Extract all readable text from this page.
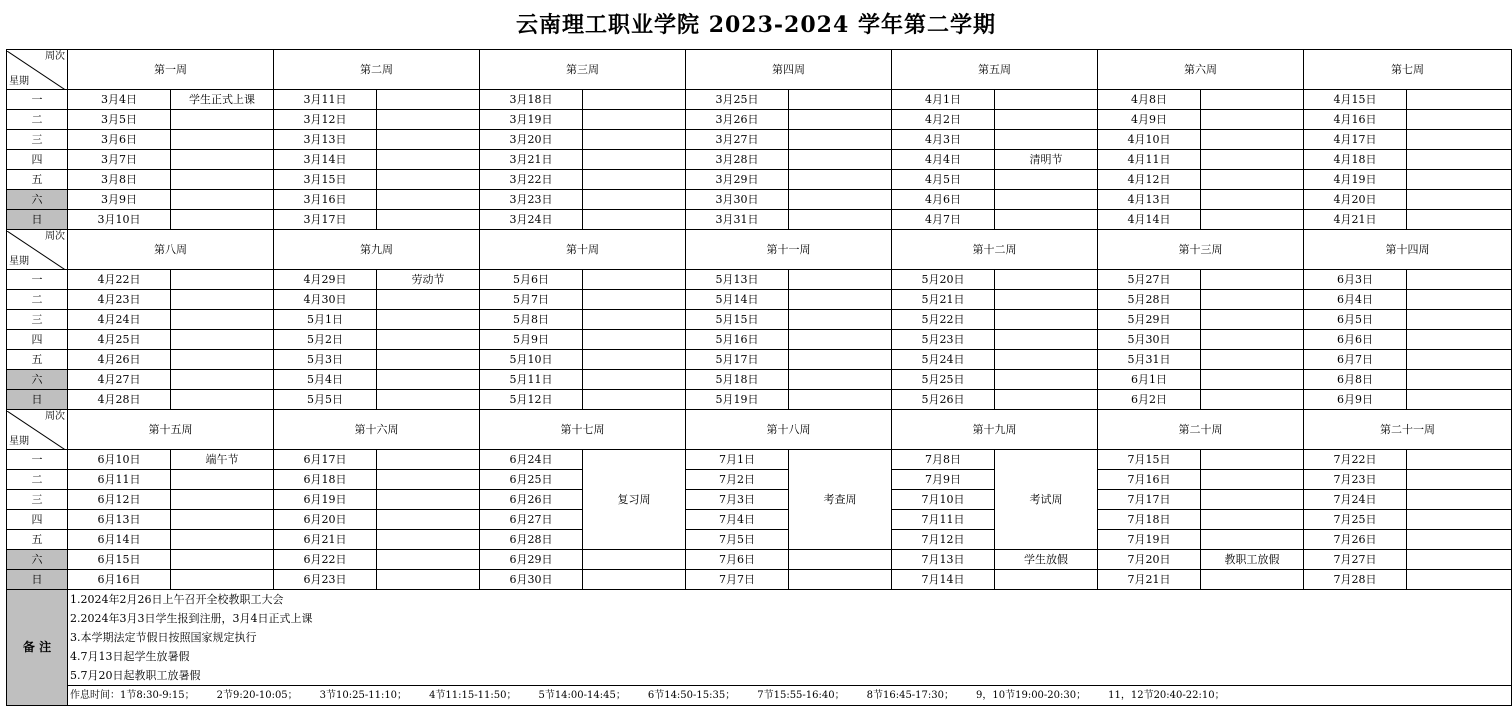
云南理工职业学院 2023-2024 学年第二学期
周次
星期	第一周		第二周		第三周		第四周		第五周		第六周		第七周	
一	3月4日	学生正式上课	3月11日		3月18日		3月25日		4月1日		4月8日		4月15日	
二	3月5日		3月12日		3月19日		3月26日		4月2日		4月9日		4月16日	
三	3月6日		3月13日		3月20日		3月27日		4月3日		4月10日		4月17日	
四	3月7日		3月14日		3月21日		3月28日		4月4日	清明节	4月11日		4月18日	
五	3月8日		3月15日		3月22日		3月29日		4月5日		4月12日		4月19日	
六	3月9日		3月16日		3月23日		3月30日		4月6日		4月13日		4月20日	
日	3月10日		3月17日		3月24日		3月31日		4月7日		4月14日		4月21日	

周次
星期	第八周		第九周		第十周		第十一周		第十二周		第十三周		第十四周	
一	4月22日		4月29日	劳动节	5月6日		5月13日		5月20日		5月27日		6月3日	
二	4月23日		4月30日		5月7日		5月14日		5月21日		5月28日		6月4日	
三	4月24日		5月1日		5月8日		5月15日		5月22日		5月29日		6月5日	
四	4月25日		5月2日		5月9日		5月16日		5月23日		5月30日		6月6日	
五	4月26日		5月3日		5月10日		5月17日		5月24日		5月31日		6月7日	
六	4月27日		5月4日		5月11日		5月18日		5月25日		6月1日		6月8日	
日	4月28日		5月5日		5月12日		5月19日		5月26日		6月2日		6月9日	

周次
星期	第十五周		第十六周		第十七周		第十八周		第十九周		第二十周		第二十一周	
一	6月10日	端午节	6月17日		6月24日	复习周	7月1日	考查周	7月8日	考试周	7月15日		7月22日	
二	6月11日		6月18日		6月25日		7月2日		7月9日		7月16日		7月23日	
三	6月12日		6月19日		6月26日		7月3日		7月10日		7月17日		7月24日	
四	6月13日		6月20日		6月27日		7月4日		7月11日		7月18日		7月25日	
五	6月14日		6月21日		6月28日		7月5日		7月12日		7月19日		7月26日	
六	6月15日		6月22日		6月29日		7月6日		7月13日	学生放假	7月20日	教职工放假	7月27日	
日	6月16日		6月23日		6月30日		7月7日		7月14日		7月21日		7月28日	
备 注	1.2024年2月26日上午召开全校教职工大会													
	2.2024年3月3日学生报到注册，3月4日正式上课													
	3.本学期法定节假日按照国家规定执行													
	4.7月13日起学生放暑假													
	5.7月20日起教职工放暑假													
	作息时间：1节8:30-9:15； 2节9:20-10:05； 3节10:25-11:10； 4节11:15-11:50； 5节14:00-14:45； 6节14:50-15:35； 7节15:55-16:40； 8节16:45-17:30； 9，10节19:00-20:30； 11，12节20:40-22:10；													
